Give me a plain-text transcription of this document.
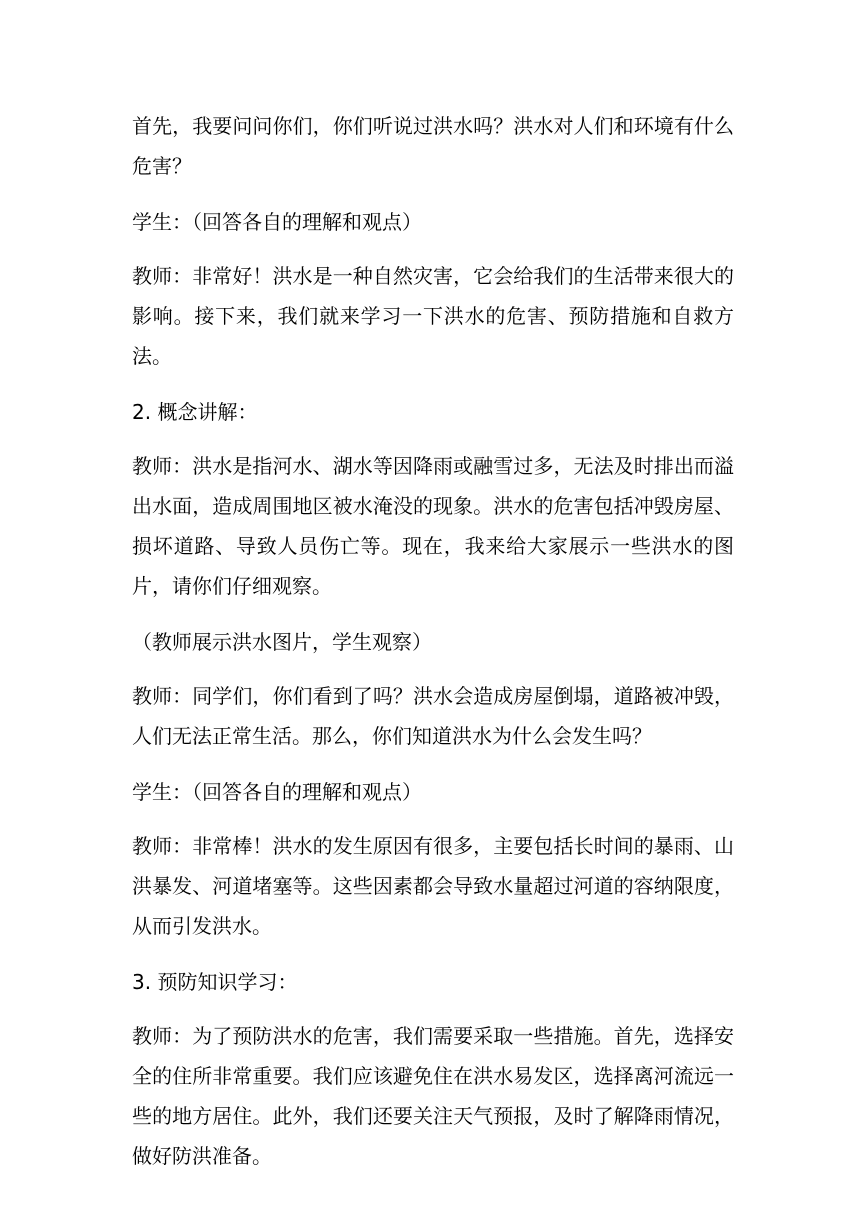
首先，我要问问你们，你们听说过洪水吗？洪水对人们和环境有什么危害？

学生：（回答各自的理解和观点）

教师：非常好！洪水是一种自然灾害，它会给我们的生活带来很大的影响。接下来，我们就来学习一下洪水的危害、预防措施和自救方法。

2. 概念讲解：

教师：洪水是指河水、湖水等因降雨或融雪过多，无法及时排出而溢出水面，造成周围地区被水淹没的现象。洪水的危害包括冲毁房屋、损坏道路、导致人员伤亡等。现在，我来给大家展示一些洪水的图片，请你们仔细观察。

（教师展示洪水图片，学生观察）

教师：同学们，你们看到了吗？洪水会造成房屋倒塌，道路被冲毁，人们无法正常生活。那么，你们知道洪水为什么会发生吗？

学生：（回答各自的理解和观点）

教师：非常棒！洪水的发生原因有很多，主要包括长时间的暴雨、山洪暴发、河道堵塞等。这些因素都会导致水量超过河道的容纳限度，从而引发洪水。

3. 预防知识学习：

教师：为了预防洪水的危害，我们需要采取一些措施。首先，选择安全的住所非常重要。我们应该避免住在洪水易发区，选择离河流远一些的地方居住。此外，我们还要关注天气预报，及时了解降雨情况，做好防洪准备。
